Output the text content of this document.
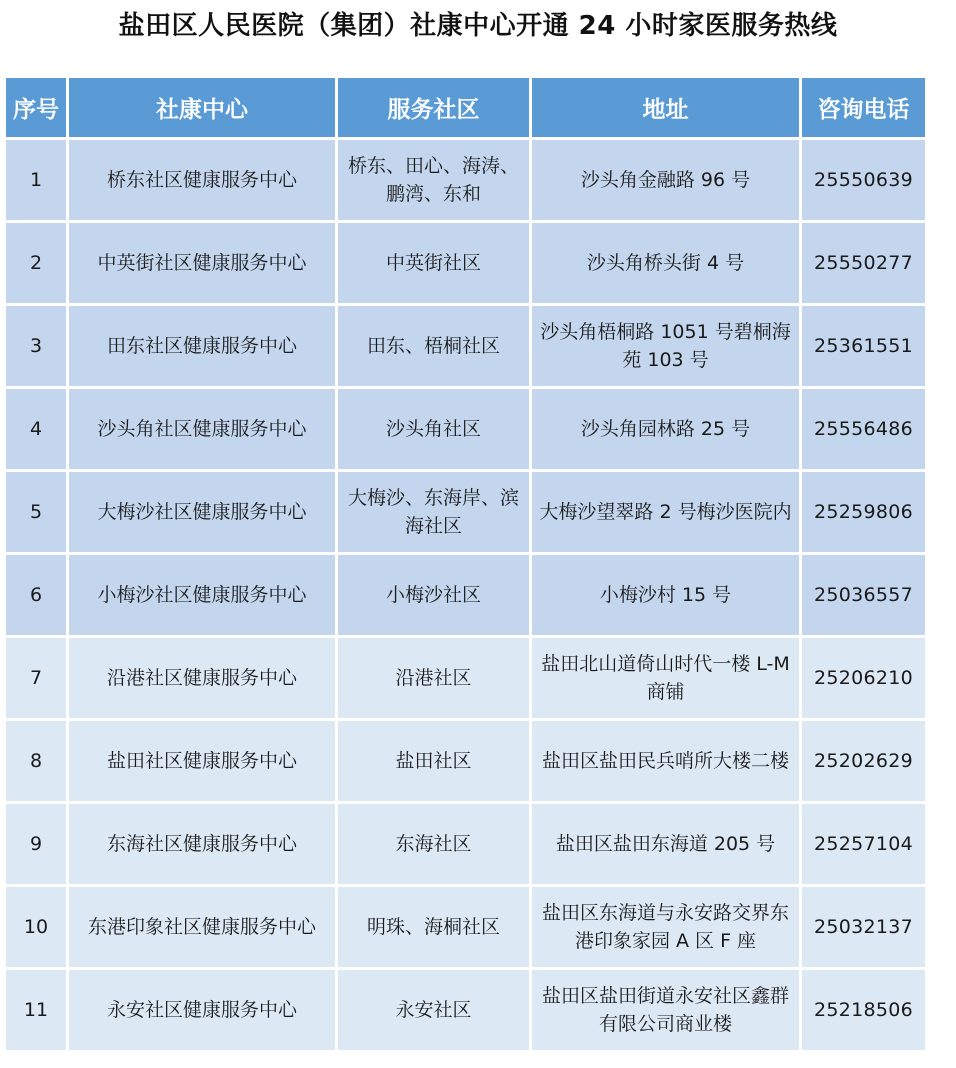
盐田区人民医院（集团）社康中心开通 24 小时家医服务热线
序号	社康中心	服务社区	地址	咨询电话
1	桥东社区健康服务中心	桥东、田心、海涛、鹏湾、东和	沙头角金融路 96 号	25550639
2	中英街社区健康服务中心	中英街社区	沙头角桥头街 4 号	25550277
3	田东社区健康服务中心	田东、梧桐社区	沙头角梧桐路 1051 号碧桐海苑 103 号	25361551
4	沙头角社区健康服务中心	沙头角社区	沙头角园林路 25 号	25556486
5	大梅沙社区健康服务中心	大梅沙、东海岸、滨海社区	大梅沙望翠路 2 号梅沙医院内	25259806
6	小梅沙社区健康服务中心	小梅沙社区	小梅沙村 15 号	25036557
7	沿港社区健康服务中心	沿港社区	盐田北山道倚山时代一楼 L-M 商铺	25206210
8	盐田社区健康服务中心	盐田社区	盐田区盐田民兵哨所大楼二楼	25202629
9	东海社区健康服务中心	东海社区	盐田区盐田东海道 205 号	25257104
10	东港印象社区健康服务中心	明珠、海桐社区	盐田区东海道与永安路交界东港印象家园 A 区 F 座	25032137
11	永安社区健康服务中心	永安社区	盐田区盐田街道永安社区鑫群有限公司商业楼	25218506
